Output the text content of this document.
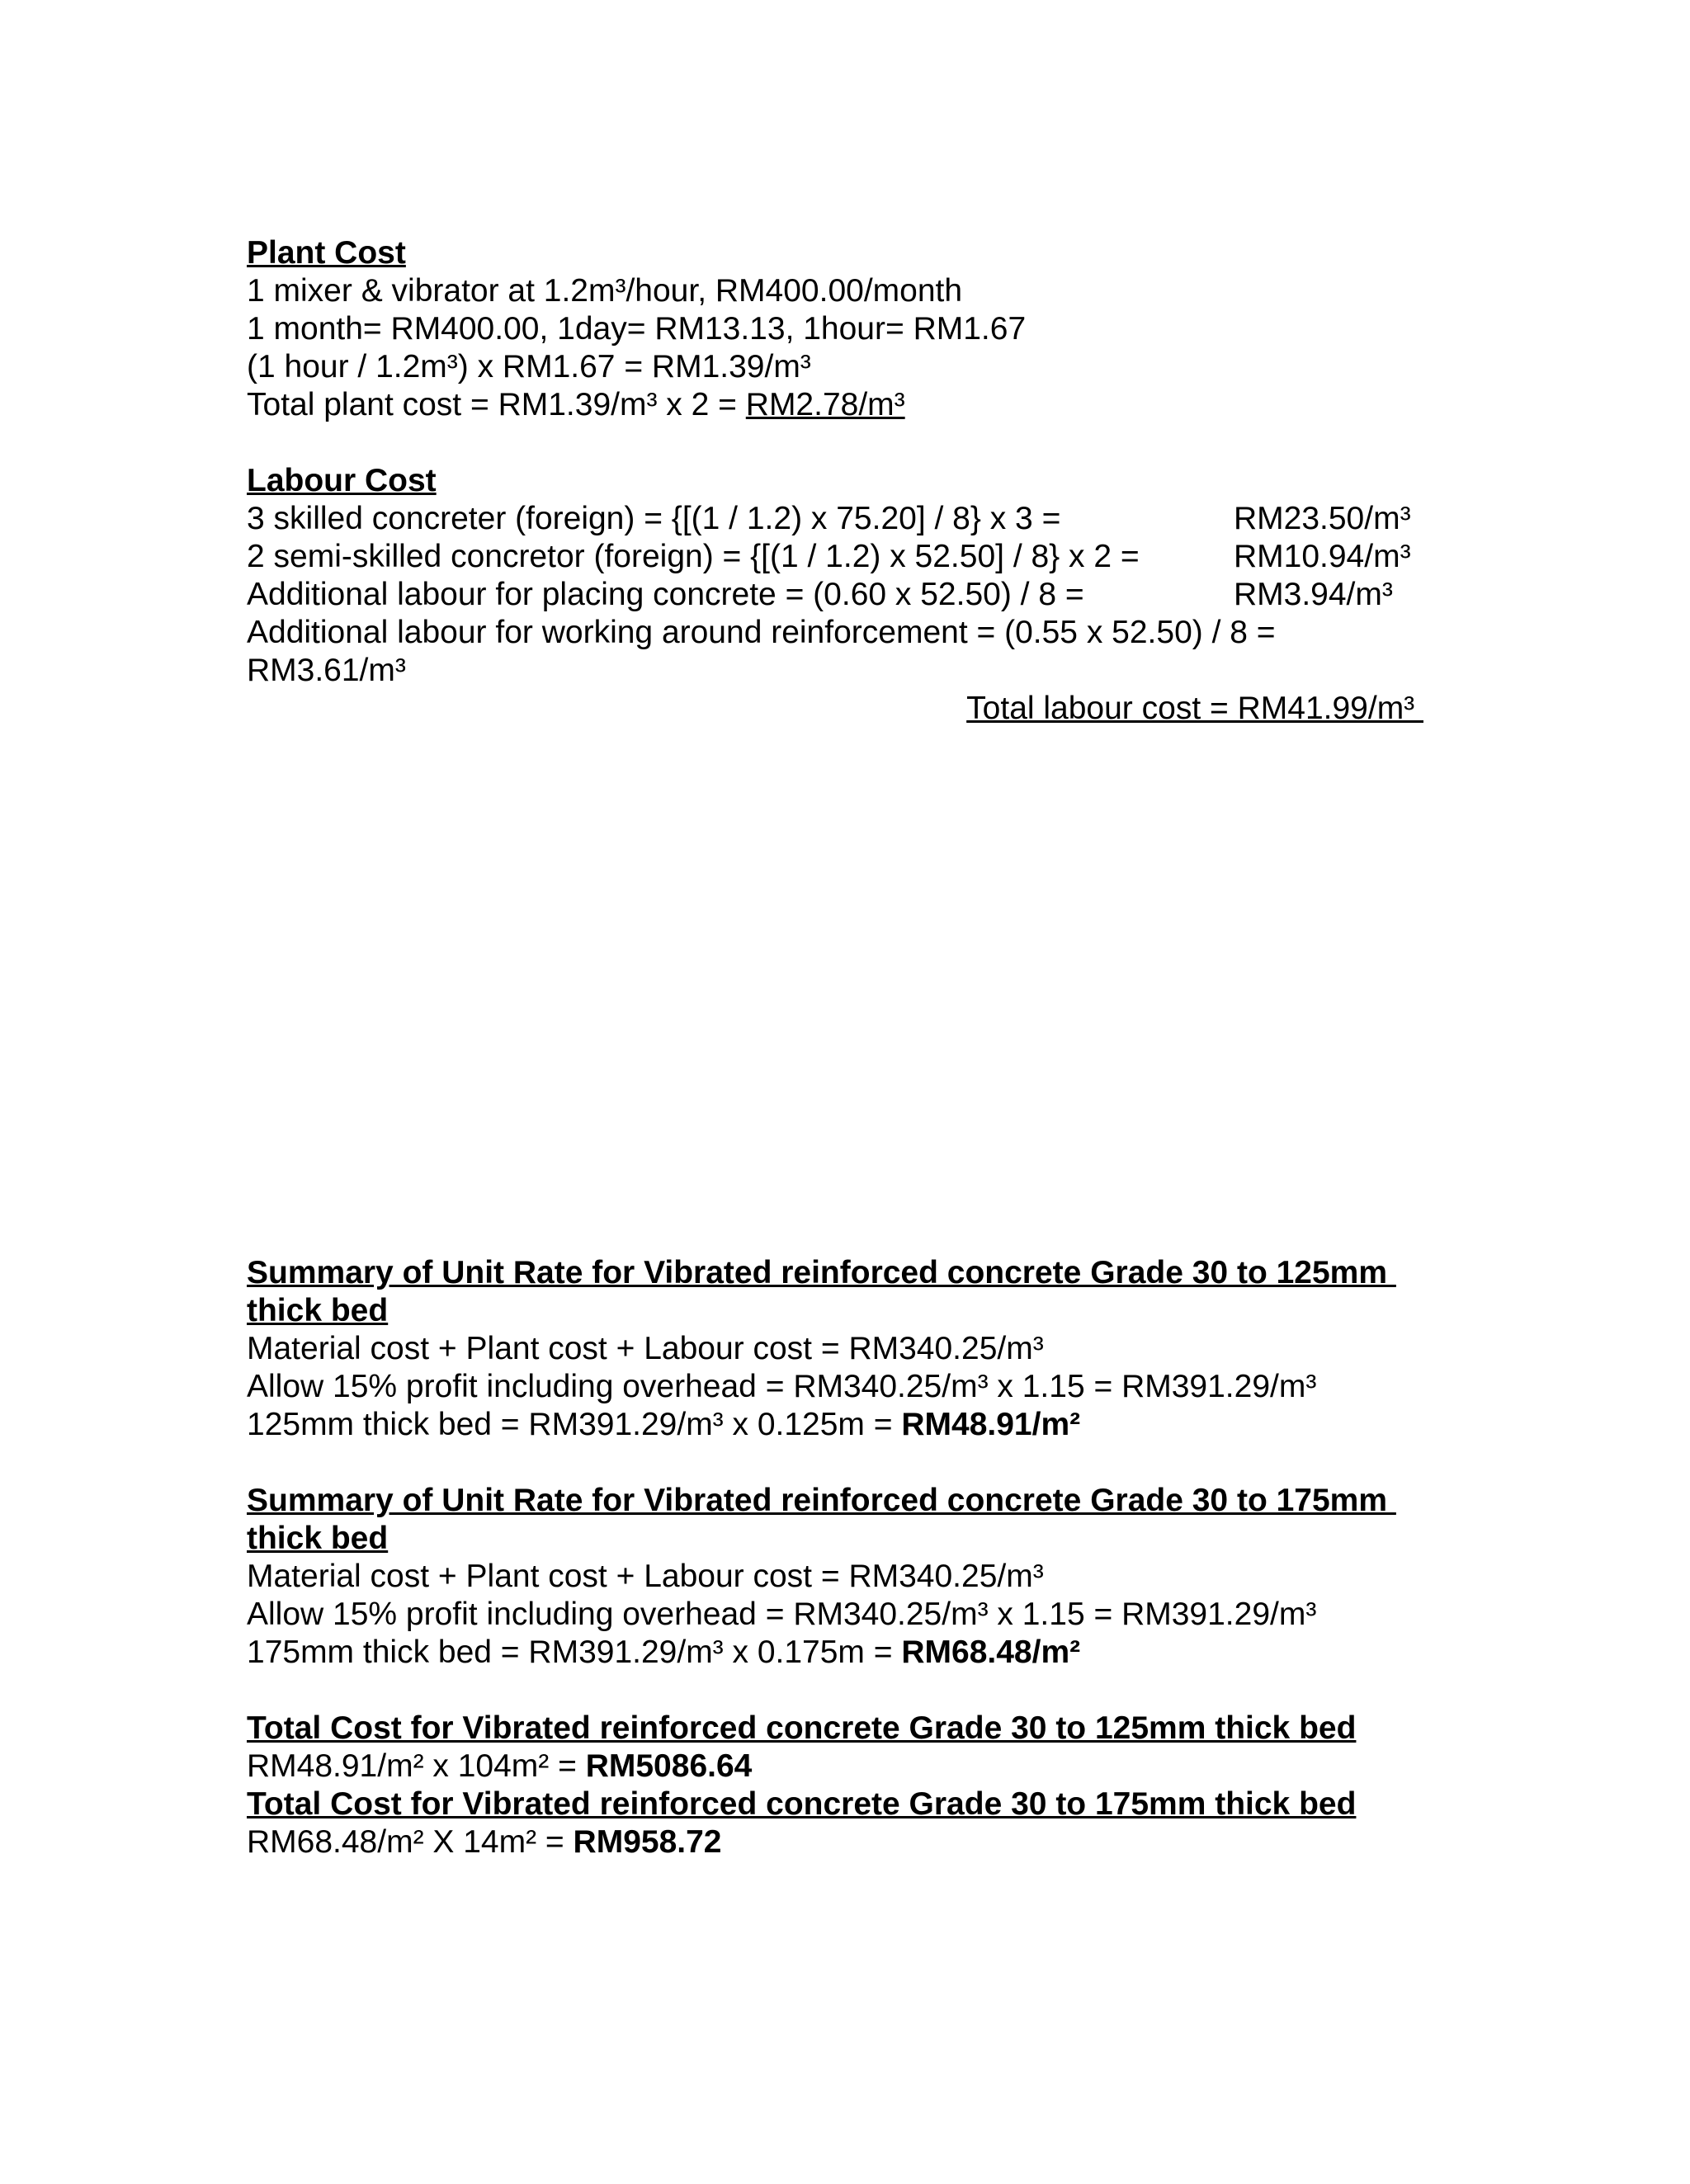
Plant Cost
1 mixer & vibrator at 1.2m³/hour, RM400.00/month
1 month= RM400.00, 1day= RM13.13, 1hour= RM1.67
(1 hour / 1.2m³) x RM1.67 = RM1.39/m³
Total plant cost = RM1.39/m³ x 2 = RM2.78/m³
Labour Cost
3 skilled concreter (foreign) = {[(1 / 1.2) x 75.20] / 8} x 3 =	RM23.50/m³
2 semi-skilled concretor (foreign) = {[(1 / 1.2) x 52.50] / 8} x 2 =	RM10.94/m³
Additional labour for placing concrete = (0.60 x 52.50) / 8 =	RM3.94/m³
Additional labour for working around reinforcement = (0.55 x 52.50) / 8 =
RM3.61/m³
Total labour cost = RM41.99/m³
Summary of Unit Rate for Vibrated reinforced concrete Grade 30 to 125mm
thick bed
Material cost + Plant cost + Labour cost = RM340.25/m³
Allow 15% profit including overhead = RM340.25/m³ x 1.15 = RM391.29/m³
125mm thick bed = RM391.29/m³ x 0.125m = RM48.91/m²
Summary of Unit Rate for Vibrated reinforced concrete Grade 30 to 175mm
thick bed
Material cost + Plant cost + Labour cost = RM340.25/m³
Allow 15% profit including overhead = RM340.25/m³ x 1.15 = RM391.29/m³
175mm thick bed = RM391.29/m³ x 0.175m = RM68.48/m²
Total Cost for Vibrated reinforced concrete Grade 30 to 125mm thick bed
RM48.91/m² x 104m² = RM5086.64
Total Cost for Vibrated reinforced concrete Grade 30 to 175mm thick bed
RM68.48/m² X 14m² = RM958.72
